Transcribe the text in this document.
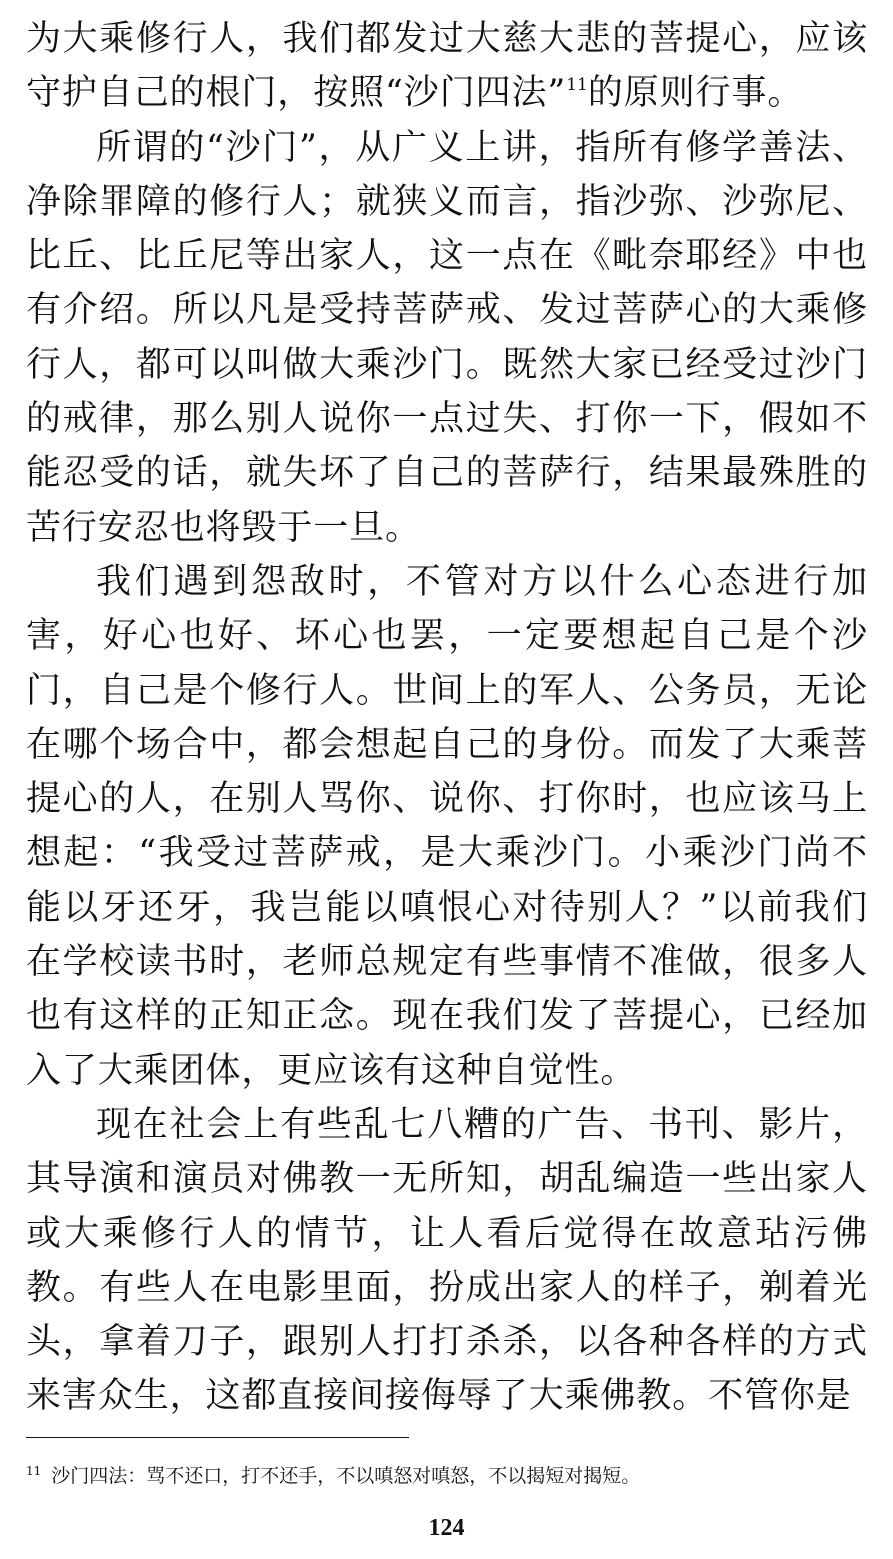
为大乘修行人，我们都发过大慈大悲的菩提心，应该守护自己的根门，按照“沙门四法”$^{11}$的原则行事。

所谓的“沙门”，从广义上讲，指所有修学善法、净除罪障的修行人；就狭义而言，指沙弥、沙弥尼、比丘、比丘尼等出家人，这一点在《毗奈耶经》中也有介绍。所以凡是受持菩萨戒、发过菩萨心的大乘修行人，都可以叫做大乘沙门。既然大家已经受过沙门的戒律，那么别人说你一点过失、打你一下，假如不能忍受的话，就失坏了自己的菩萨行，结果最殊胜的苦行安忍也将毁于一旦。

我们遇到怨敌时，不管对方以什么心态进行加害，好心也好、坏心也罢，一定要想起自己是个沙门，自己是个修行人。世间上的军人、公务员，无论在哪个场合中，都会想起自己的身份。而发了大乘菩提心的人，在别人骂你、说你、打你时，也应该马上想起：“我受过菩萨戒，是大乘沙门。小乘沙门尚不能以牙还牙，我岂能以嗔恨心对待别人？”以前我们在学校读书时，老师总规定有些事情不准做，很多人也有这样的正知正念。现在我们发了菩提心，已经加入了大乘团体，更应该有这种自觉性。

现在社会上有些乱七八糟的广告、书刊、影片，其导演和演员对佛教一无所知，胡乱编造一些出家人或大乘修行人的情节，让人看后觉得在故意玷污佛教。有些人在电影里面，扮成出家人的样子，剃着光头，拿着刀子，跟别人打打杀杀，以各种各样的方式来害众生，这都直接间接侮辱了大乘佛教。不管你是

$^{11}$ 沙门四法：骂不还口，打不还手，不以嗔怒对嗔怒，不以揭短对揭短。
124
